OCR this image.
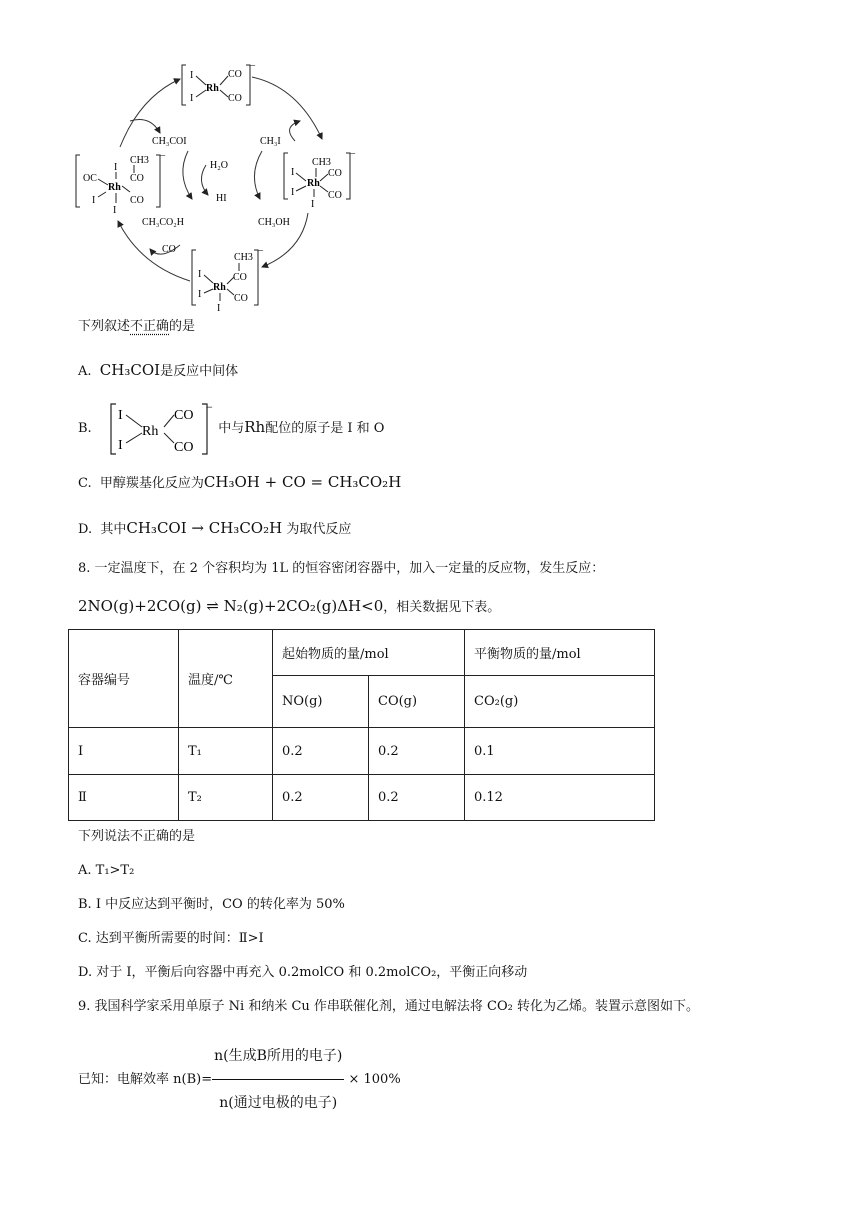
I
I
Rh
CO
CO
−
CH3
I
I
Rh
CO
CO
I
−
CH3
CO
I
I
Rh
CO
I
−
CH3
I
OC
Rh
CO
CO
I
I
−
CH₃COI	CH₃I
H₂O
HI
CH₃CO₂H	CH₃OH
CO
下列叙述不正确的是
A. CH₃COI是反应中间体
B.
I
I
Rh
CO
CO
−
中与Rh配位的原子是 I 和 O
C. 甲醇羰基化反应为CH₃OH + CO = CH₃CO₂H
D. 其中CH₃COI → CH₃CO₂H 为取代反应
8. 一定温度下，在 2 个容积均为 1L 的恒容密闭容器中，加入一定量的反应物，发生反应：
2NO(g)+2CO(g) ⇌ N₂(g)+2CO₂(g)ΔH<0，相关数据见下表。
容器编号	温度/℃	起始物质的量/mol		平衡物质的量/mol
		NO(g)	CO(g)	CO₂(g)
I	T₁	0.2	0.2	0.1
Ⅱ	T₂	0.2	0.2	0.12
下列说法不正确的是
A. T₁>T₂
B. I 中反应达到平衡时，CO 的转化率为 50%
C. 达到平衡所需要的时间：Ⅱ>I
D. 对于 I，平衡后向容器中再充入 0.2molCO 和 0.2molCO₂，平衡正向移动
9. 我国科学家采用单原子 Ni 和纳米 Cu 作串联催化剂，通过电解法将 CO₂ 转化为乙烯。装置示意图如下。
已知：电解效率 $n(B)= \frac{\text{n(生成B所用的电子)}}{\text{n(通过电极的电子)}} \times 100\%$
